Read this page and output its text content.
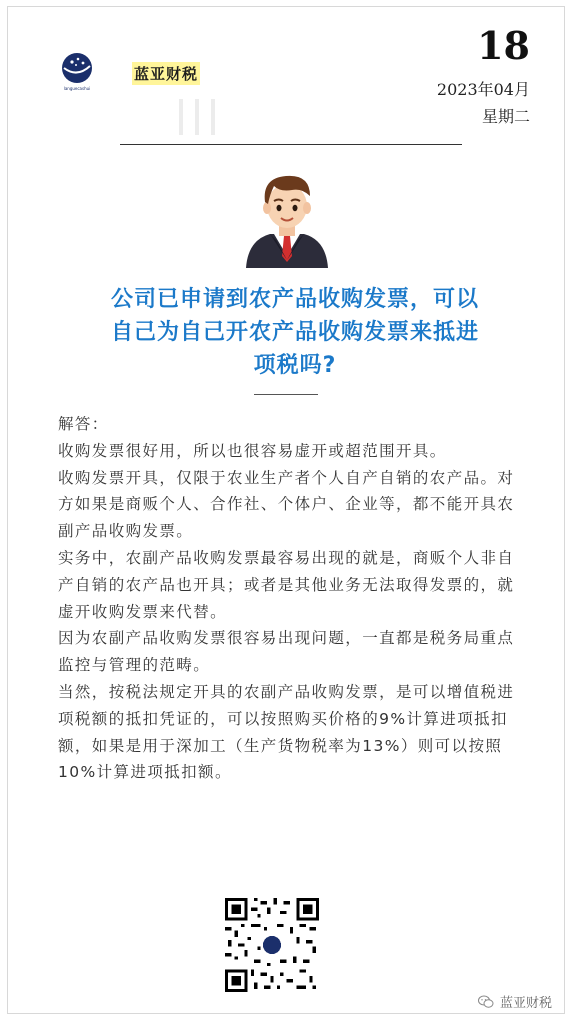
languecashui
蓝亚财税
18
2023年04月
星期二
公司已申请到农产品收购发票，可以
自己为自己开农产品收购发票来抵进
项税吗?

解答：

收购发票很好用，所以也很容易虚开或超范围开具。

收购发票开具，仅限于农业生产者个人自产自销的农产品。对方如果是商贩个人、合作社、个体户、企业等，都不能开具农副产品收购发票。

实务中，农副产品收购发票最容易出现的就是，商贩个人非自产自销的农产品也开具；或者是其他业务无法取得发票的，就虚开收购发票来代替。

因为农副产品收购发票很容易出现问题，一直都是税务局重点监控与管理的范畴。

当然，按税法规定开具的农副产品收购发票，是可以增值税进项税额的抵扣凭证的，可以按照购买价格的9%计算进项抵扣额，如果是用于深加工（生产货物税率为13%）则可以按照10%计算进项抵扣额。

蓝亚财税
